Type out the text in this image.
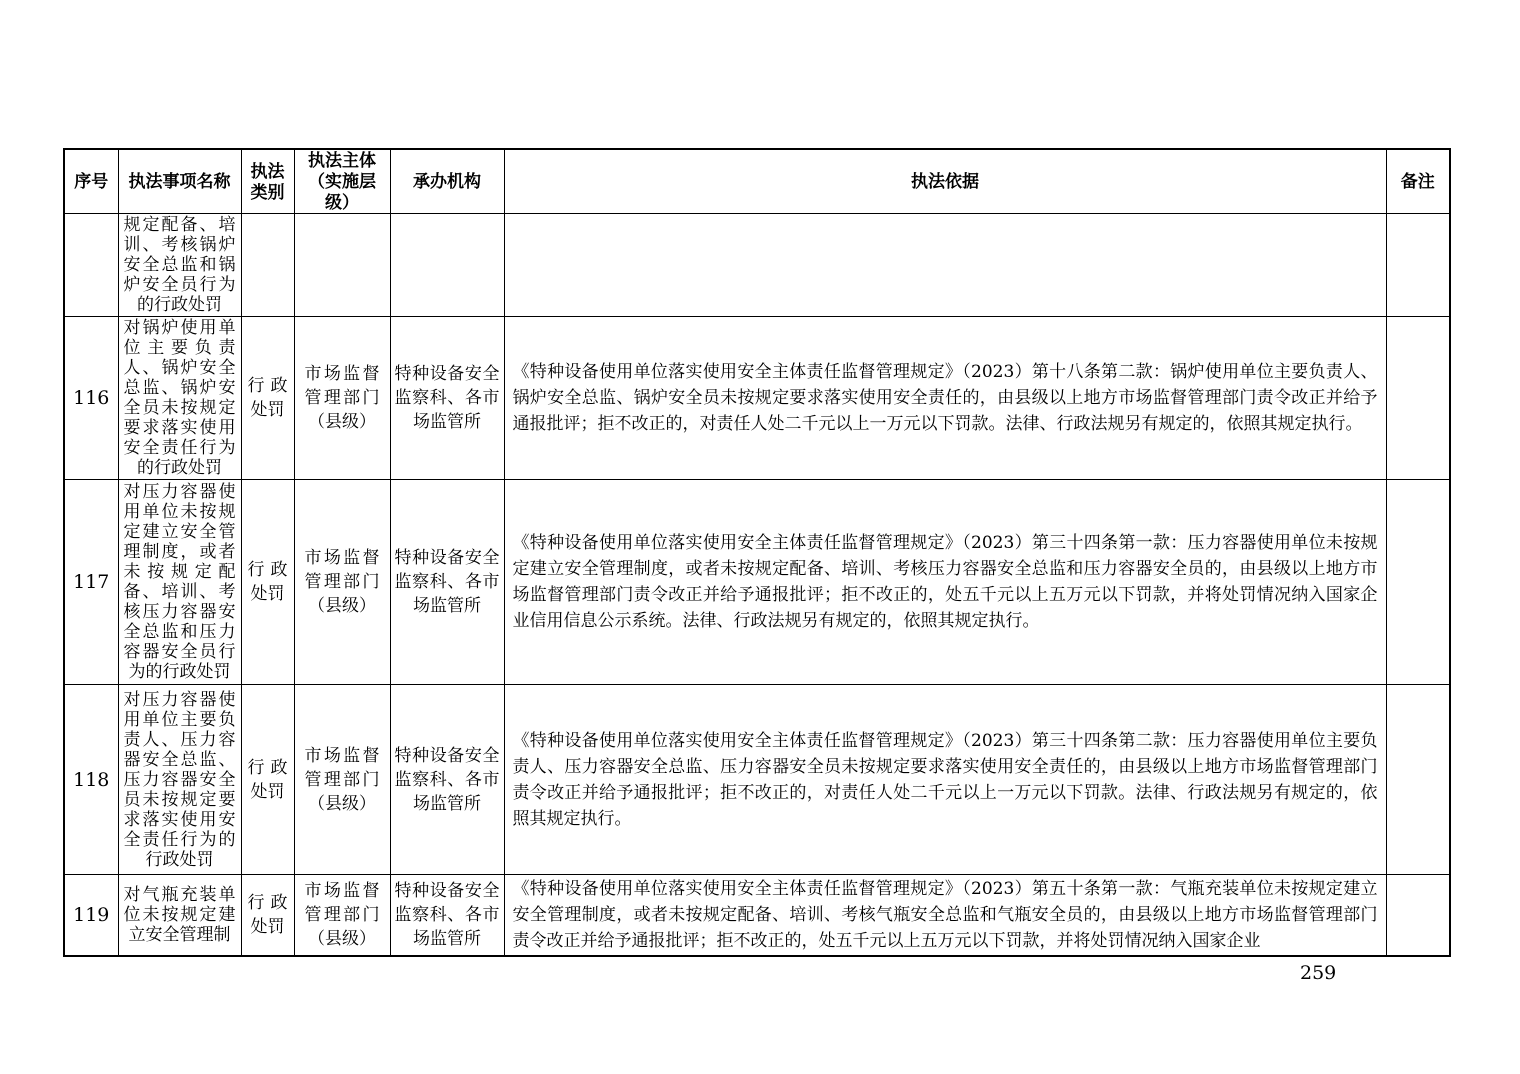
序号	执法事项名称	执法类别	执法主体（实施层级）	承办机构	执法依据	备注
	规定配备、培训、考核锅炉安全总监和锅炉安全员行为的行政处罚					
116	对锅炉使用单位主要负责人、锅炉安全总监、锅炉安全员未按规定要求落实使用安全责任行为的行政处罚	行政处罚	市场监督管理部门（县级）	特种设备安全监察科、各市场监管所	《特种设备使用单位落实使用安全主体责任监督管理规定》（2023）第十八条第二款：锅炉使用单位主要负责人、锅炉安全总监、锅炉安全员未按规定要求落实使用安全责任的，由县级以上地方市场监督管理部门责令改正并给予通报批评；拒不改正的，对责任人处二千元以上一万元以下罚款。法律、行政法规另有规定的，依照其规定执行。	
117	对压力容器使用单位未按规定建立安全管理制度，或者未按规定配备、培训、考核压力容器安全总监和压力容器安全员行为的行政处罚	行政处罚	市场监督管理部门（县级）	特种设备安全监察科、各市场监管所	《特种设备使用单位落实使用安全主体责任监督管理规定》（2023）第三十四条第一款：压力容器使用单位未按规定建立安全管理制度，或者未按规定配备、培训、考核压力容器安全总监和压力容器安全员的，由县级以上地方市场监督管理部门责令改正并给予通报批评；拒不改正的，处五千元以上五万元以下罚款，并将处罚情况纳入国家企业信用信息公示系统。法律、行政法规另有规定的，依照其规定执行。	
118	对压力容器使用单位主要负责人、压力容器安全总监、压力容器安全员未按规定要求落实使用安全责任行为的行政处罚	行政处罚	市场监督管理部门（县级）	特种设备安全监察科、各市场监管所	《特种设备使用单位落实使用安全主体责任监督管理规定》（2023）第三十四条第二款：压力容器使用单位主要负责人、压力容器安全总监、压力容器安全员未按规定要求落实使用安全责任的，由县级以上地方市场监督管理部门责令改正并给予通报批评；拒不改正的，对责任人处二千元以上一万元以下罚款。法律、行政法规另有规定的，依照其规定执行。	
119	对气瓶充装单位未按规定建立安全管理制	行政处罚	市场监督管理部门（县级）	特种设备安全监察科、各市场监管所	《特种设备使用单位落实使用安全主体责任监督管理规定》（2023）第五十条第一款：气瓶充装单位未按规定建立安全管理制度，或者未按规定配备、培训、考核气瓶安全总监和气瓶安全员的，由县级以上地方市场监督管理部门责令改正并给予通报批评；拒不改正的，处五千元以上五万元以下罚款，并将处罚情况纳入国家企业	
259
